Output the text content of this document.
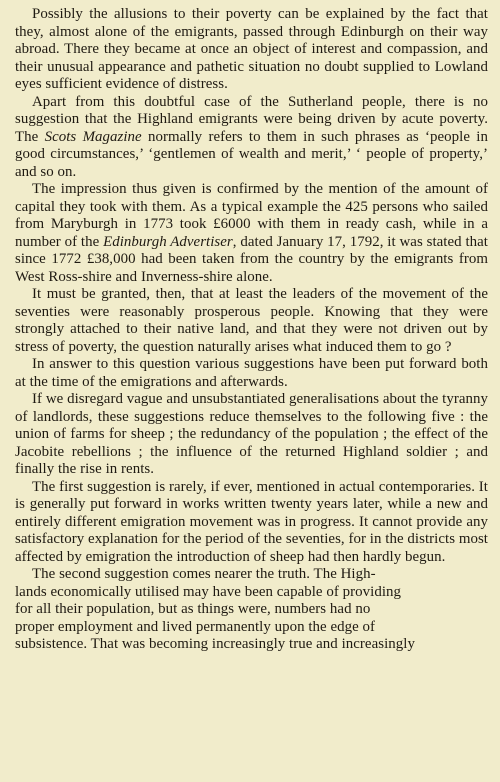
Possibly the allusions to their poverty can be explained by the fact that they, almost alone of the emigrants, passed through Edinburgh on their way abroad. There they became at once an object of interest and compassion, and their unusual appearance and pathetic situation no doubt supplied to Lowland eyes sufficient evidence of distress.

Apart from this doubtful case of the Sutherland people, there is no suggestion that the Highland emigrants were being driven by acute poverty. The Scots Magazine normally refers to them in such phrases as ‘people in good circumstances,’ ‘gentlemen of wealth and merit,’ ‘ people of property,’ and so on.

The impression thus given is confirmed by the mention of the amount of capital they took with them. As a typical example the 425 persons who sailed from Maryburgh in 1773 took £6000 with them in ready cash, while in a number of the Edinburgh Advertiser, dated January 17, 1792, it was stated that since 1772 £38,000 had been taken from the country by the emigrants from West Ross-shire and Inverness-shire alone.

It must be granted, then, that at least the leaders of the movement of the seventies were reasonably prosperous people. Knowing that they were strongly attached to their native land, and that they were not driven out by stress of poverty, the question naturally arises what induced them to go ?

In answer to this question various suggestions have been put forward both at the time of the emigrations and afterwards.

If we disregard vague and unsubstantiated generalisations about the tyranny of landlords, these suggestions reduce themselves to the following five : the union of farms for sheep ; the redundancy of the population ; the effect of the Jacobite rebellions ; the influence of the returned Highland soldier ; and finally the rise in rents.

The first suggestion is rarely, if ever, mentioned in actual contemporaries. It is generally put forward in works written twenty years later, while a new and entirely different emigration movement was in progress. It cannot provide any satisfactory explanation for the period of the seventies, for in the districts most affected by emigration the introduction of sheep had then hardly begun.

The second suggestion comes nearer the truth. The High-
lands economically utilised may have been capable of providing
for all their population, but as things were, numbers had no
proper employment and lived permanently upon the edge of
subsistence. That was becoming increasingly true and increasingly
